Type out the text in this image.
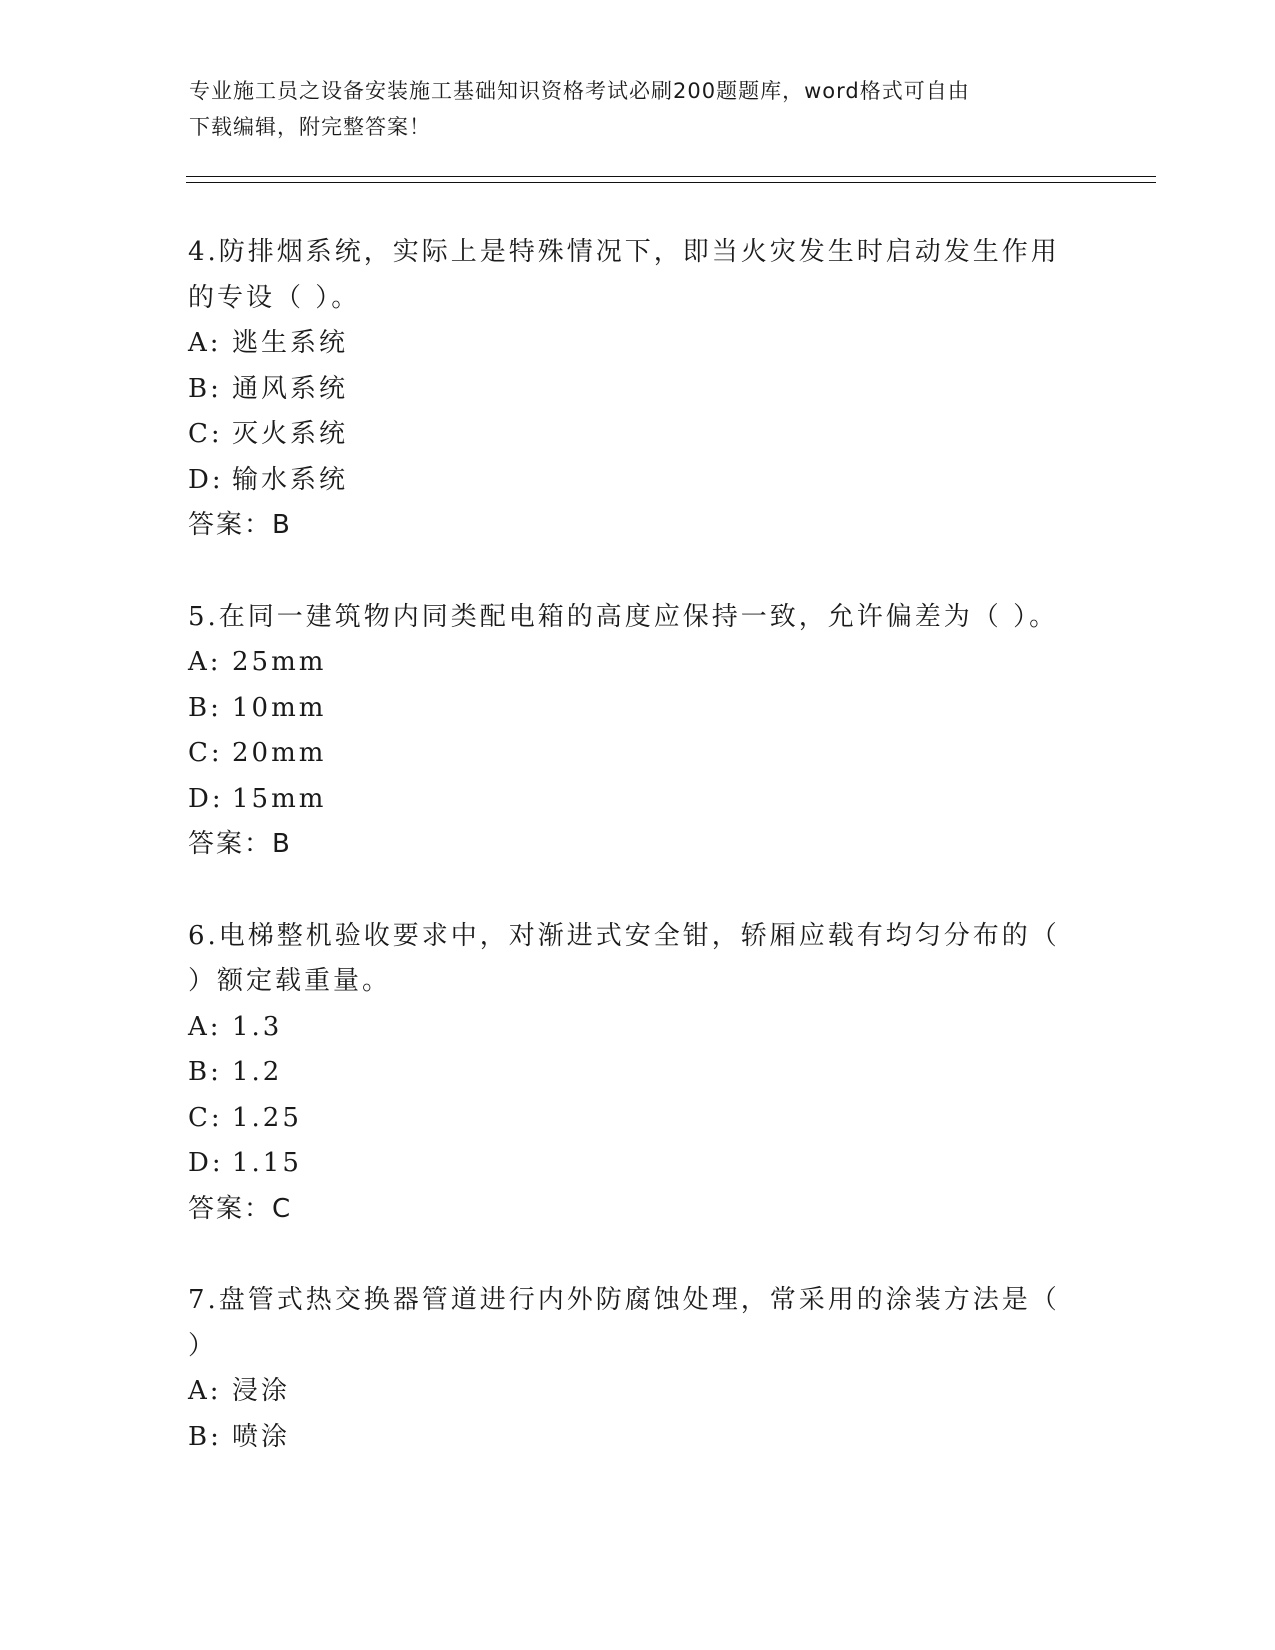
专业施工员之设备安装施工基础知识资格考试必刷200题题库，word格式可自由
下载编辑，附完整答案！
4.防排烟系统，实际上是特殊情况下，即当火灾发生时启动发生作用
的专设（ ）。
A: 逃生系统
B: 通风系统
C: 灭火系统
D: 输水系统
答案：B
5.在同一建筑物内同类配电箱的高度应保持一致，允许偏差为（ ）。
A: 25mm
B: 10mm
C: 20mm
D: 15mm
答案：B
6.电梯整机验收要求中，对渐进式安全钳，轿厢应载有均匀分布的（
）额定载重量。
A: 1.3
B: 1.2
C: 1.25
D: 1.15
答案：C
7.盘管式热交换器管道进行内外防腐蚀处理，常采用的涂装方法是（
）
A: 浸涂
B: 喷涂
